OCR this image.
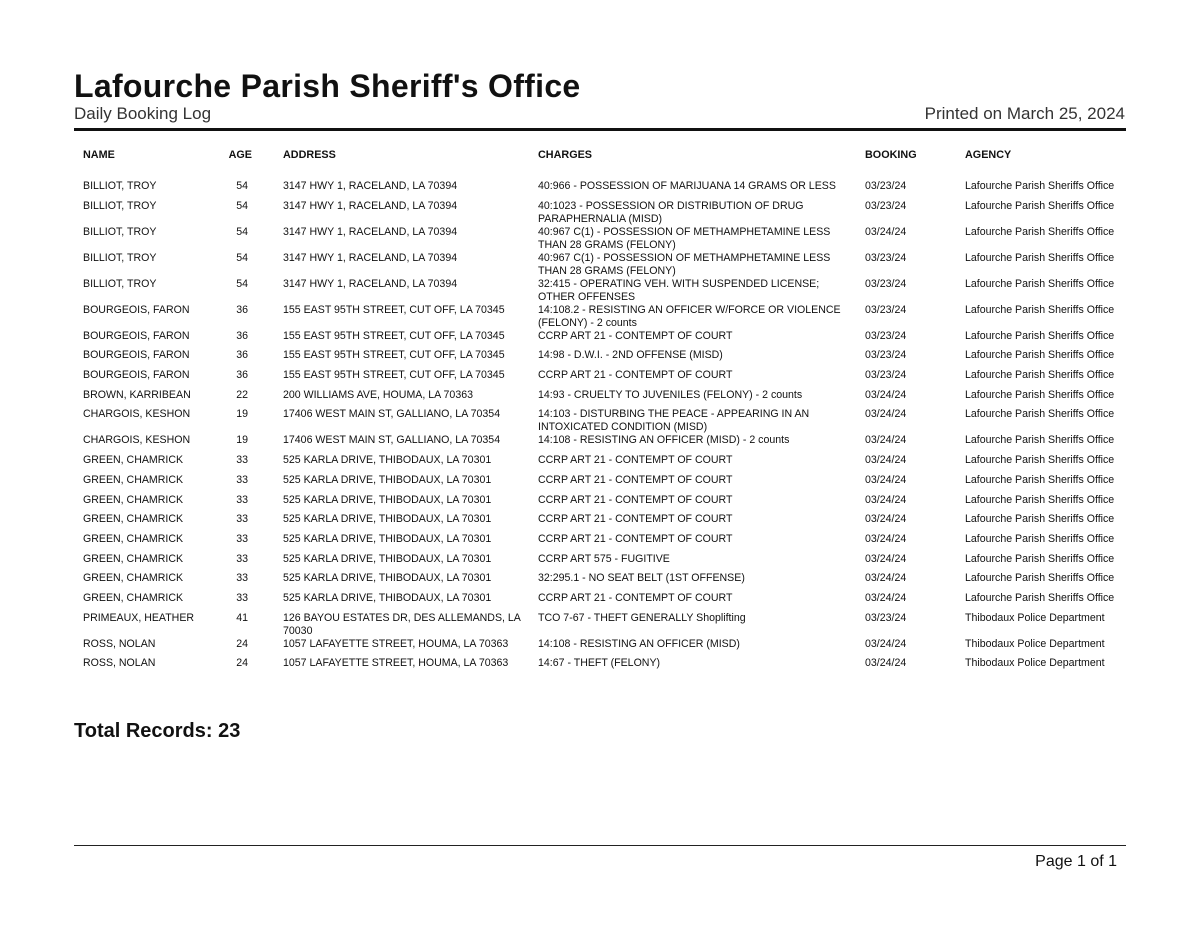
Lafourche Parish Sheriff's Office
Daily Booking Log	Printed on March 25, 2024
NAME	AGE	ADDRESS	CHARGES	BOOKING	AGENCY
BILLIOT, TROY	54	3147 HWY 1, RACELAND, LA 70394	40:966 - POSSESSION OF MARIJUANA 14 GRAMS OR LESS	03/23/24	Lafourche Parish Sheriffs Office
BILLIOT, TROY	54	3147 HWY 1, RACELAND, LA 70394	40:1023 - POSSESSION OR DISTRIBUTION OF DRUG PARAPHERNALIA (MISD)	03/23/24	Lafourche Parish Sheriffs Office
BILLIOT, TROY	54	3147 HWY 1, RACELAND, LA 70394	40:967 C(1) - POSSESSION OF METHAMPHETAMINE LESS THAN 28 GRAMS (FELONY)	03/24/24	Lafourche Parish Sheriffs Office
BILLIOT, TROY	54	3147 HWY 1, RACELAND, LA 70394	40:967 C(1) - POSSESSION OF METHAMPHETAMINE LESS THAN 28 GRAMS (FELONY)	03/23/24	Lafourche Parish Sheriffs Office
BILLIOT, TROY	54	3147 HWY 1, RACELAND, LA 70394	32:415 - OPERATING VEH. WITH SUSPENDED LICENSE; OTHER OFFENSES	03/23/24	Lafourche Parish Sheriffs Office
BOURGEOIS, FARON	36	155 EAST 95TH STREET, CUT OFF, LA 70345	14:108.2 - RESISTING AN OFFICER W/FORCE OR VIOLENCE (FELONY) - 2 counts	03/23/24	Lafourche Parish Sheriffs Office
BOURGEOIS, FARON	36	155 EAST 95TH STREET, CUT OFF, LA 70345	CCRP ART 21 - CONTEMPT OF COURT	03/23/24	Lafourche Parish Sheriffs Office
BOURGEOIS, FARON	36	155 EAST 95TH STREET, CUT OFF, LA 70345	14:98 - D.W.I. - 2ND OFFENSE (MISD)	03/23/24	Lafourche Parish Sheriffs Office
BOURGEOIS, FARON	36	155 EAST 95TH STREET, CUT OFF, LA 70345	CCRP ART 21 - CONTEMPT OF COURT	03/23/24	Lafourche Parish Sheriffs Office
BROWN, KARRIBEAN	22	200 WILLIAMS AVE, HOUMA, LA 70363	14:93 - CRUELTY TO JUVENILES (FELONY) - 2 counts	03/24/24	Lafourche Parish Sheriffs Office
CHARGOIS, KESHON	19	17406 WEST MAIN ST, GALLIANO, LA 70354	14:103 - DISTURBING THE PEACE - APPEARING IN AN INTOXICATED CONDITION (MISD)	03/24/24	Lafourche Parish Sheriffs Office
CHARGOIS, KESHON	19	17406 WEST MAIN ST, GALLIANO, LA 70354	14:108 - RESISTING AN OFFICER (MISD) - 2 counts	03/24/24	Lafourche Parish Sheriffs Office
GREEN, CHAMRICK	33	525 KARLA DRIVE, THIBODAUX, LA 70301	CCRP ART 21 - CONTEMPT OF COURT	03/24/24	Lafourche Parish Sheriffs Office
GREEN, CHAMRICK	33	525 KARLA DRIVE, THIBODAUX, LA 70301	CCRP ART 21 - CONTEMPT OF COURT	03/24/24	Lafourche Parish Sheriffs Office
GREEN, CHAMRICK	33	525 KARLA DRIVE, THIBODAUX, LA 70301	CCRP ART 21 - CONTEMPT OF COURT	03/24/24	Lafourche Parish Sheriffs Office
GREEN, CHAMRICK	33	525 KARLA DRIVE, THIBODAUX, LA 70301	CCRP ART 21 - CONTEMPT OF COURT	03/24/24	Lafourche Parish Sheriffs Office
GREEN, CHAMRICK	33	525 KARLA DRIVE, THIBODAUX, LA 70301	CCRP ART 21 - CONTEMPT OF COURT	03/24/24	Lafourche Parish Sheriffs Office
GREEN, CHAMRICK	33	525 KARLA DRIVE, THIBODAUX, LA 70301	CCRP ART 575 - FUGITIVE	03/24/24	Lafourche Parish Sheriffs Office
GREEN, CHAMRICK	33	525 KARLA DRIVE, THIBODAUX, LA 70301	32:295.1 - NO SEAT BELT (1ST OFFENSE)	03/24/24	Lafourche Parish Sheriffs Office
GREEN, CHAMRICK	33	525 KARLA DRIVE, THIBODAUX, LA 70301	CCRP ART 21 - CONTEMPT OF COURT	03/24/24	Lafourche Parish Sheriffs Office
PRIMEAUX, HEATHER	41	126 BAYOU ESTATES DR, DES ALLEMANDS, LA 70030	TCO 7-67 - THEFT GENERALLY Shoplifting	03/23/24	Thibodaux Police Department
ROSS, NOLAN	24	1057 LAFAYETTE STREET, HOUMA, LA 70363	14:108 - RESISTING AN OFFICER (MISD)	03/24/24	Thibodaux Police Department
ROSS, NOLAN	24	1057 LAFAYETTE STREET, HOUMA, LA 70363	14:67 - THEFT (FELONY)	03/24/24	Thibodaux Police Department
Total Records: 23
Page 1 of 1
